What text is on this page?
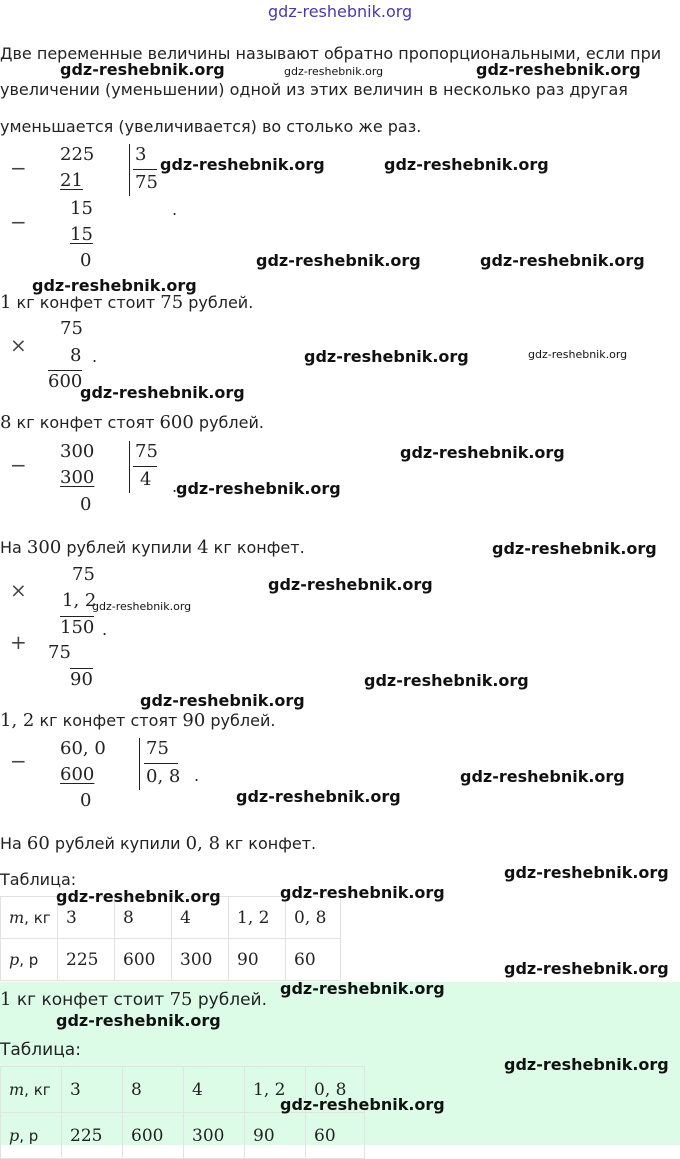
gdz-reshebnik.org
Две переменные величины называют обратно пропорциональными, если при
увеличении (уменьшении) одной из этих величин в несколько раз другая
уменьшается (увеличивается) во столько же раз.
−
225
21
3
75
−
15
15
0
.
1 кг конфет стоит 75 рублей.
×
75
8
600
.
8 кг конфет стоят 600 рублей.
−
300
300
0
75
4 .
На 300 рублей купили 4 кг конфет.
×
75
1, 2
150
+ 75
90
.
1, 2 кг конфет стоят 90 рублей.
−
60, 0
600
0
75
0, 8 .
На 60 рублей купили 0, 8 кг конфет.
Таблица:
m, кг	3	8	4	1, 2	0, 8
p, р	225	600	300	90	60
1 кг конфет стоит 75 рублей.
Таблица:
m, кг	3	8	4	1, 2	0, 8
p, р	225	600	300	90	60
gdz-reshebnik.org	gdz-reshebnik.org	gdz-reshebnik.org
gdz-reshebnik.org	gdz-reshebnik.org
gdz-reshebnik.org	gdz-reshebnik.org
gdz-reshebnik.org
gdz-reshebnik.org	gdz-reshebnik.org
gdz-reshebnik.org
gdz-reshebnik.org
gdz-reshebnik.org
gdz-reshebnik.org
gdz-reshebnik.org
gdz-reshebnik.org
gdz-reshebnik.org
gdz-reshebnik.org
gdz-reshebnik.org
gdz-reshebnik.org
gdz-reshebnik.org
gdz-reshebnik.org	gdz-reshebnik.org
gdz-reshebnik.org
gdz-reshebnik.org
gdz-reshebnik.org
gdz-reshebnik.org
gdz-reshebnik.org
